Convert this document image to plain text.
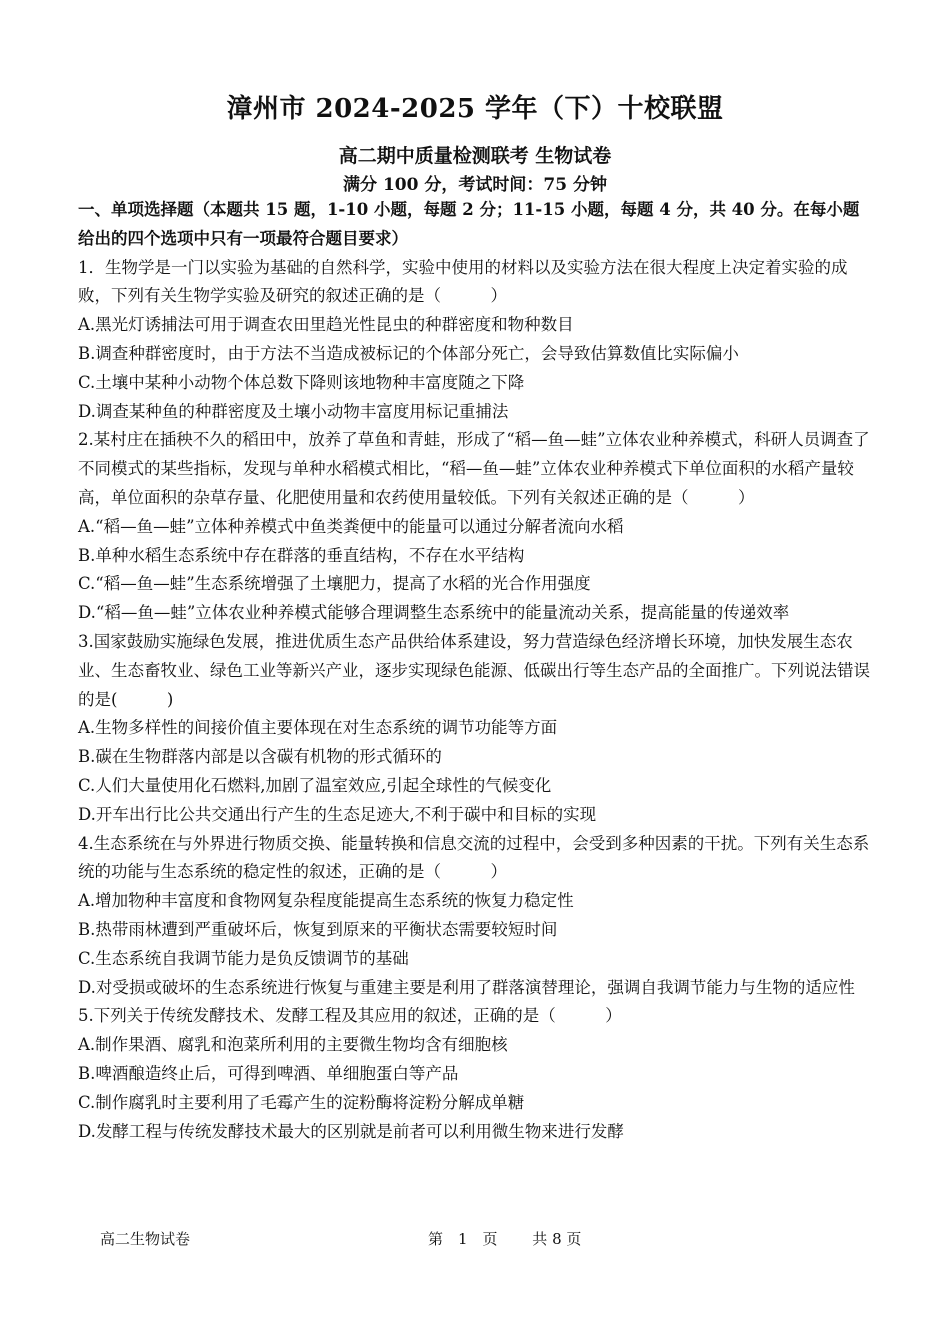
漳州市 2024-2025 学年（下）十校联盟
高二期中质量检测联考 生物试卷
满分 100 分，考试时间：75 分钟

一、单项选择题（本题共 15 题，1-10 小题，每题 2 分；11-15 小题，每题 4 分，共 40 分。在每小题给出的四个选项中只有一项最符合题目要求）

1．生物学是一门以实验为基础的自然科学，实验中使用的材料以及实验方法在很大程度上决定着实验的成败，下列有关生物学实验及研究的叙述正确的是（　　　）

A.黑光灯诱捕法可用于调查农田里趋光性昆虫的种群密度和物种数目

B.调查种群密度时，由于方法不当造成被标记的个体部分死亡，会导致估算数值比实际偏小

C.土壤中某种小动物个体总数下降则该地物种丰富度随之下降

D.调查某种鱼的种群密度及土壤小动物丰富度用标记重捕法

2.某村庄在插秧不久的稻田中，放养了草鱼和青蛙，形成了“稻—鱼—蛙”立体农业种养模式，科研人员调查了不同模式的某些指标，发现与单种水稻模式相比，“稻—鱼—蛙”立体农业种养模式下单位面积的水稻产量较高，单位面积的杂草存量、化肥使用量和农药使用量较低。下列有关叙述正确的是（　　　）

A.“稻—鱼—蛙”立体种养模式中鱼类粪便中的能量可以通过分解者流向水稻

B.单种水稻生态系统中存在群落的垂直结构，不存在水平结构

C.“稻—鱼—蛙”生态系统增强了土壤肥力，提高了水稻的光合作用强度

D.“稻—鱼—蛙”立体农业种养模式能够合理调整生态系统中的能量流动关系，提高能量的传递效率

3.国家鼓励实施绿色发展，推进优质生态产品供给体系建设，努力营造绿色经济增长环境，加快发展生态农业、生态畜牧业、绿色工业等新兴产业，逐步实现绿色能源、低碳出行等生态产品的全面推广。下列说法错误的是(　　　)

A.生物多样性的间接价值主要体现在对生态系统的调节功能等方面

B.碳在生物群落内部是以含碳有机物的形式循环的

C.人们大量使用化石燃料,加剧了温室效应,引起全球性的气候变化

D.开车出行比公共交通出行产生的生态足迹大,不利于碳中和目标的实现

4.生态系统在与外界进行物质交换、能量转换和信息交流的过程中，会受到多种因素的干扰。下列有关生态系统的功能与生态系统的稳定性的叙述，正确的是（　　　）

A.增加物种丰富度和食物网复杂程度能提高生态系统的恢复力稳定性

B.热带雨林遭到严重破坏后，恢复到原来的平衡状态需要较短时间

C.生态系统自我调节能力是负反馈调节的基础

D.对受损或破坏的生态系统进行恢复与重建主要是利用了群落演替理论，强调自我调节能力与生物的适应性

5.下列关于传统发酵技术、发酵工程及其应用的叙述，正确的是（　　　）

A.制作果酒、腐乳和泡菜所利用的主要微生物均含有细胞核

B.啤酒酿造终止后，可得到啤酒、单细胞蛋白等产品

C.制作腐乳时主要利用了毛霉产生的淀粉酶将淀粉分解成单糖

D.发酵工程与传统发酵技术最大的区别就是前者可以利用微生物来进行发酵

高二生物试卷	第　1　页　　 共 8 页
